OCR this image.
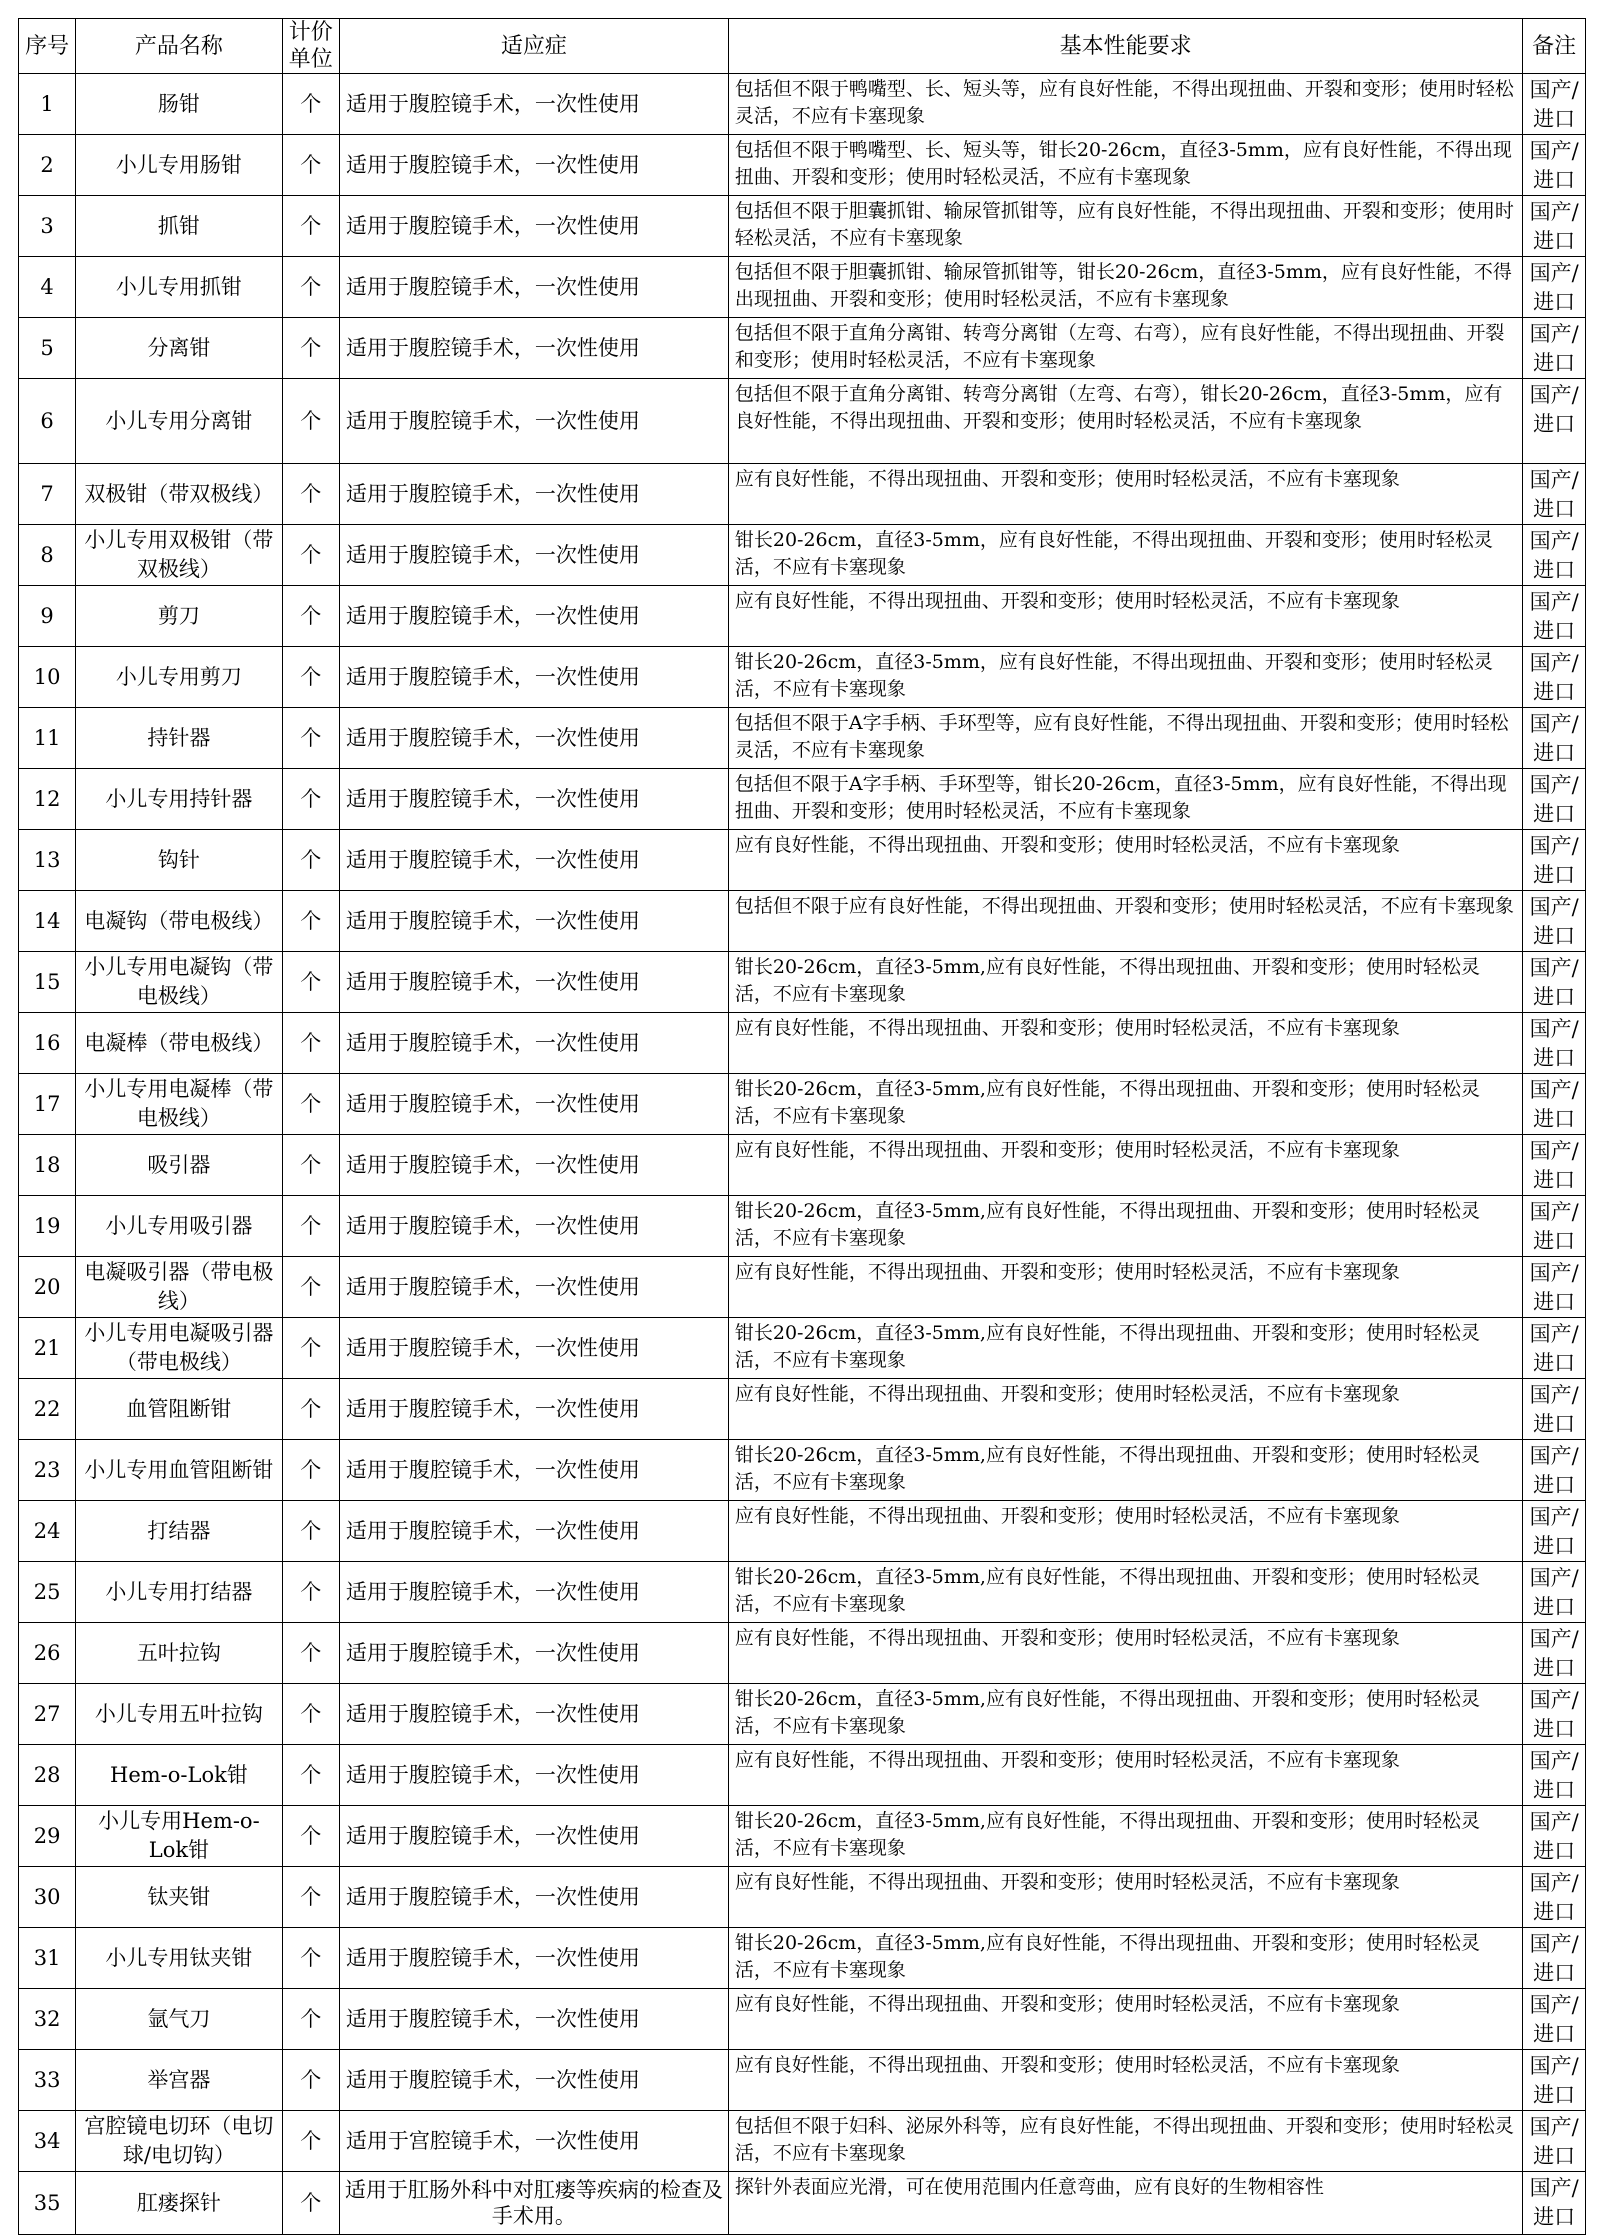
序号	产品名称	计价单位	适应症	基本性能要求	备注
1	肠钳	个	适用于腹腔镜手术，一次性使用	包括但不限于鸭嘴型、长、短头等，应有良好性能，不得出现扭曲、开裂和变形；使用时轻松灵活，不应有卡塞现象	国产/进口
2	小儿专用肠钳	个	适用于腹腔镜手术，一次性使用	包括但不限于鸭嘴型、长、短头等，钳长20-26cm，直径3-5mm，应有良好性能，不得出现扭曲、开裂和变形；使用时轻松灵活，不应有卡塞现象	国产/进口
3	抓钳	个	适用于腹腔镜手术，一次性使用	包括但不限于胆囊抓钳、输尿管抓钳等，应有良好性能，不得出现扭曲、开裂和变形；使用时轻松灵活，不应有卡塞现象	国产/进口
4	小儿专用抓钳	个	适用于腹腔镜手术，一次性使用	包括但不限于胆囊抓钳、输尿管抓钳等，钳长20-26cm，直径3-5mm，应有良好性能，不得出现扭曲、开裂和变形；使用时轻松灵活，不应有卡塞现象	国产/进口
5	分离钳	个	适用于腹腔镜手术，一次性使用	包括但不限于直角分离钳、转弯分离钳（左弯、右弯），应有良好性能，不得出现扭曲、开裂和变形；使用时轻松灵活，不应有卡塞现象	国产/进口
6	小儿专用分离钳	个	适用于腹腔镜手术，一次性使用	包括但不限于直角分离钳、转弯分离钳（左弯、右弯），钳长20-26cm，直径3-5mm，应有良好性能，不得出现扭曲、开裂和变形；使用时轻松灵活，不应有卡塞现象	国产/进口
7	双极钳（带双极线）	个	适用于腹腔镜手术，一次性使用	应有良好性能，不得出现扭曲、开裂和变形；使用时轻松灵活，不应有卡塞现象	国产/进口
8	小儿专用双极钳（带双极线）	个	适用于腹腔镜手术，一次性使用	钳长20-26cm，直径3-5mm，应有良好性能，不得出现扭曲、开裂和变形；使用时轻松灵活，不应有卡塞现象	国产/进口
9	剪刀	个	适用于腹腔镜手术，一次性使用	应有良好性能，不得出现扭曲、开裂和变形；使用时轻松灵活，不应有卡塞现象	国产/进口
10	小儿专用剪刀	个	适用于腹腔镜手术，一次性使用	钳长20-26cm，直径3-5mm，应有良好性能，不得出现扭曲、开裂和变形；使用时轻松灵活，不应有卡塞现象	国产/进口
11	持针器	个	适用于腹腔镜手术，一次性使用	包括但不限于A字手柄、手环型等，应有良好性能，不得出现扭曲、开裂和变形；使用时轻松灵活，不应有卡塞现象	国产/进口
12	小儿专用持针器	个	适用于腹腔镜手术，一次性使用	包括但不限于A字手柄、手环型等，钳长20-26cm，直径3-5mm，应有良好性能，不得出现扭曲、开裂和变形；使用时轻松灵活，不应有卡塞现象	国产/进口
13	钩针	个	适用于腹腔镜手术，一次性使用	应有良好性能，不得出现扭曲、开裂和变形；使用时轻松灵活，不应有卡塞现象	国产/进口
14	电凝钩（带电极线）	个	适用于腹腔镜手术，一次性使用	包括但不限于应有良好性能，不得出现扭曲、开裂和变形；使用时轻松灵活，不应有卡塞现象	国产/进口
15	小儿专用电凝钩（带电极线）	个	适用于腹腔镜手术，一次性使用	钳长20-26cm，直径3-5mm,应有良好性能，不得出现扭曲、开裂和变形；使用时轻松灵活，不应有卡塞现象	国产/进口
16	电凝棒（带电极线）	个	适用于腹腔镜手术，一次性使用	应有良好性能，不得出现扭曲、开裂和变形；使用时轻松灵活，不应有卡塞现象	国产/进口
17	小儿专用电凝棒（带电极线）	个	适用于腹腔镜手术，一次性使用	钳长20-26cm，直径3-5mm,应有良好性能，不得出现扭曲、开裂和变形；使用时轻松灵活，不应有卡塞现象	国产/进口
18	吸引器	个	适用于腹腔镜手术，一次性使用	应有良好性能，不得出现扭曲、开裂和变形；使用时轻松灵活，不应有卡塞现象	国产/进口
19	小儿专用吸引器	个	适用于腹腔镜手术，一次性使用	钳长20-26cm，直径3-5mm,应有良好性能，不得出现扭曲、开裂和变形；使用时轻松灵活，不应有卡塞现象	国产/进口
20	电凝吸引器（带电极线）	个	适用于腹腔镜手术，一次性使用	应有良好性能，不得出现扭曲、开裂和变形；使用时轻松灵活，不应有卡塞现象	国产/进口
21	小儿专用电凝吸引器（带电极线）	个	适用于腹腔镜手术，一次性使用	钳长20-26cm，直径3-5mm,应有良好性能，不得出现扭曲、开裂和变形；使用时轻松灵活，不应有卡塞现象	国产/进口
22	血管阻断钳	个	适用于腹腔镜手术，一次性使用	应有良好性能，不得出现扭曲、开裂和变形；使用时轻松灵活，不应有卡塞现象	国产/进口
23	小儿专用血管阻断钳	个	适用于腹腔镜手术，一次性使用	钳长20-26cm，直径3-5mm,应有良好性能，不得出现扭曲、开裂和变形；使用时轻松灵活，不应有卡塞现象	国产/进口
24	打结器	个	适用于腹腔镜手术，一次性使用	应有良好性能，不得出现扭曲、开裂和变形；使用时轻松灵活，不应有卡塞现象	国产/进口
25	小儿专用打结器	个	适用于腹腔镜手术，一次性使用	钳长20-26cm，直径3-5mm,应有良好性能，不得出现扭曲、开裂和变形；使用时轻松灵活，不应有卡塞现象	国产/进口
26	五叶拉钩	个	适用于腹腔镜手术，一次性使用	应有良好性能，不得出现扭曲、开裂和变形；使用时轻松灵活，不应有卡塞现象	国产/进口
27	小儿专用五叶拉钩	个	适用于腹腔镜手术，一次性使用	钳长20-26cm，直径3-5mm,应有良好性能，不得出现扭曲、开裂和变形；使用时轻松灵活，不应有卡塞现象	国产/进口
28	Hem-o-Lok钳	个	适用于腹腔镜手术，一次性使用	应有良好性能，不得出现扭曲、开裂和变形；使用时轻松灵活，不应有卡塞现象	国产/进口
29	小儿专用Hem-o-Lok钳	个	适用于腹腔镜手术，一次性使用	钳长20-26cm，直径3-5mm,应有良好性能，不得出现扭曲、开裂和变形；使用时轻松灵活，不应有卡塞现象	国产/进口
30	钛夹钳	个	适用于腹腔镜手术，一次性使用	应有良好性能，不得出现扭曲、开裂和变形；使用时轻松灵活，不应有卡塞现象	国产/进口
31	小儿专用钛夹钳	个	适用于腹腔镜手术，一次性使用	钳长20-26cm，直径3-5mm,应有良好性能，不得出现扭曲、开裂和变形；使用时轻松灵活，不应有卡塞现象	国产/进口
32	氩气刀	个	适用于腹腔镜手术，一次性使用	应有良好性能，不得出现扭曲、开裂和变形；使用时轻松灵活，不应有卡塞现象	国产/进口
33	举宫器	个	适用于腹腔镜手术，一次性使用	应有良好性能，不得出现扭曲、开裂和变形；使用时轻松灵活，不应有卡塞现象	国产/进口
34	宫腔镜电切环（电切球/电切钩）	个	适用于宫腔镜手术，一次性使用	包括但不限于妇科、泌尿外科等，应有良好性能，不得出现扭曲、开裂和变形；使用时轻松灵活，不应有卡塞现象	国产/进口
35	肛瘘探针	个	适用于肛肠外科中对肛瘘等疾病的检查及手术用。	探针外表面应光滑，可在使用范围内任意弯曲，应有良好的生物相容性	国产/进口
